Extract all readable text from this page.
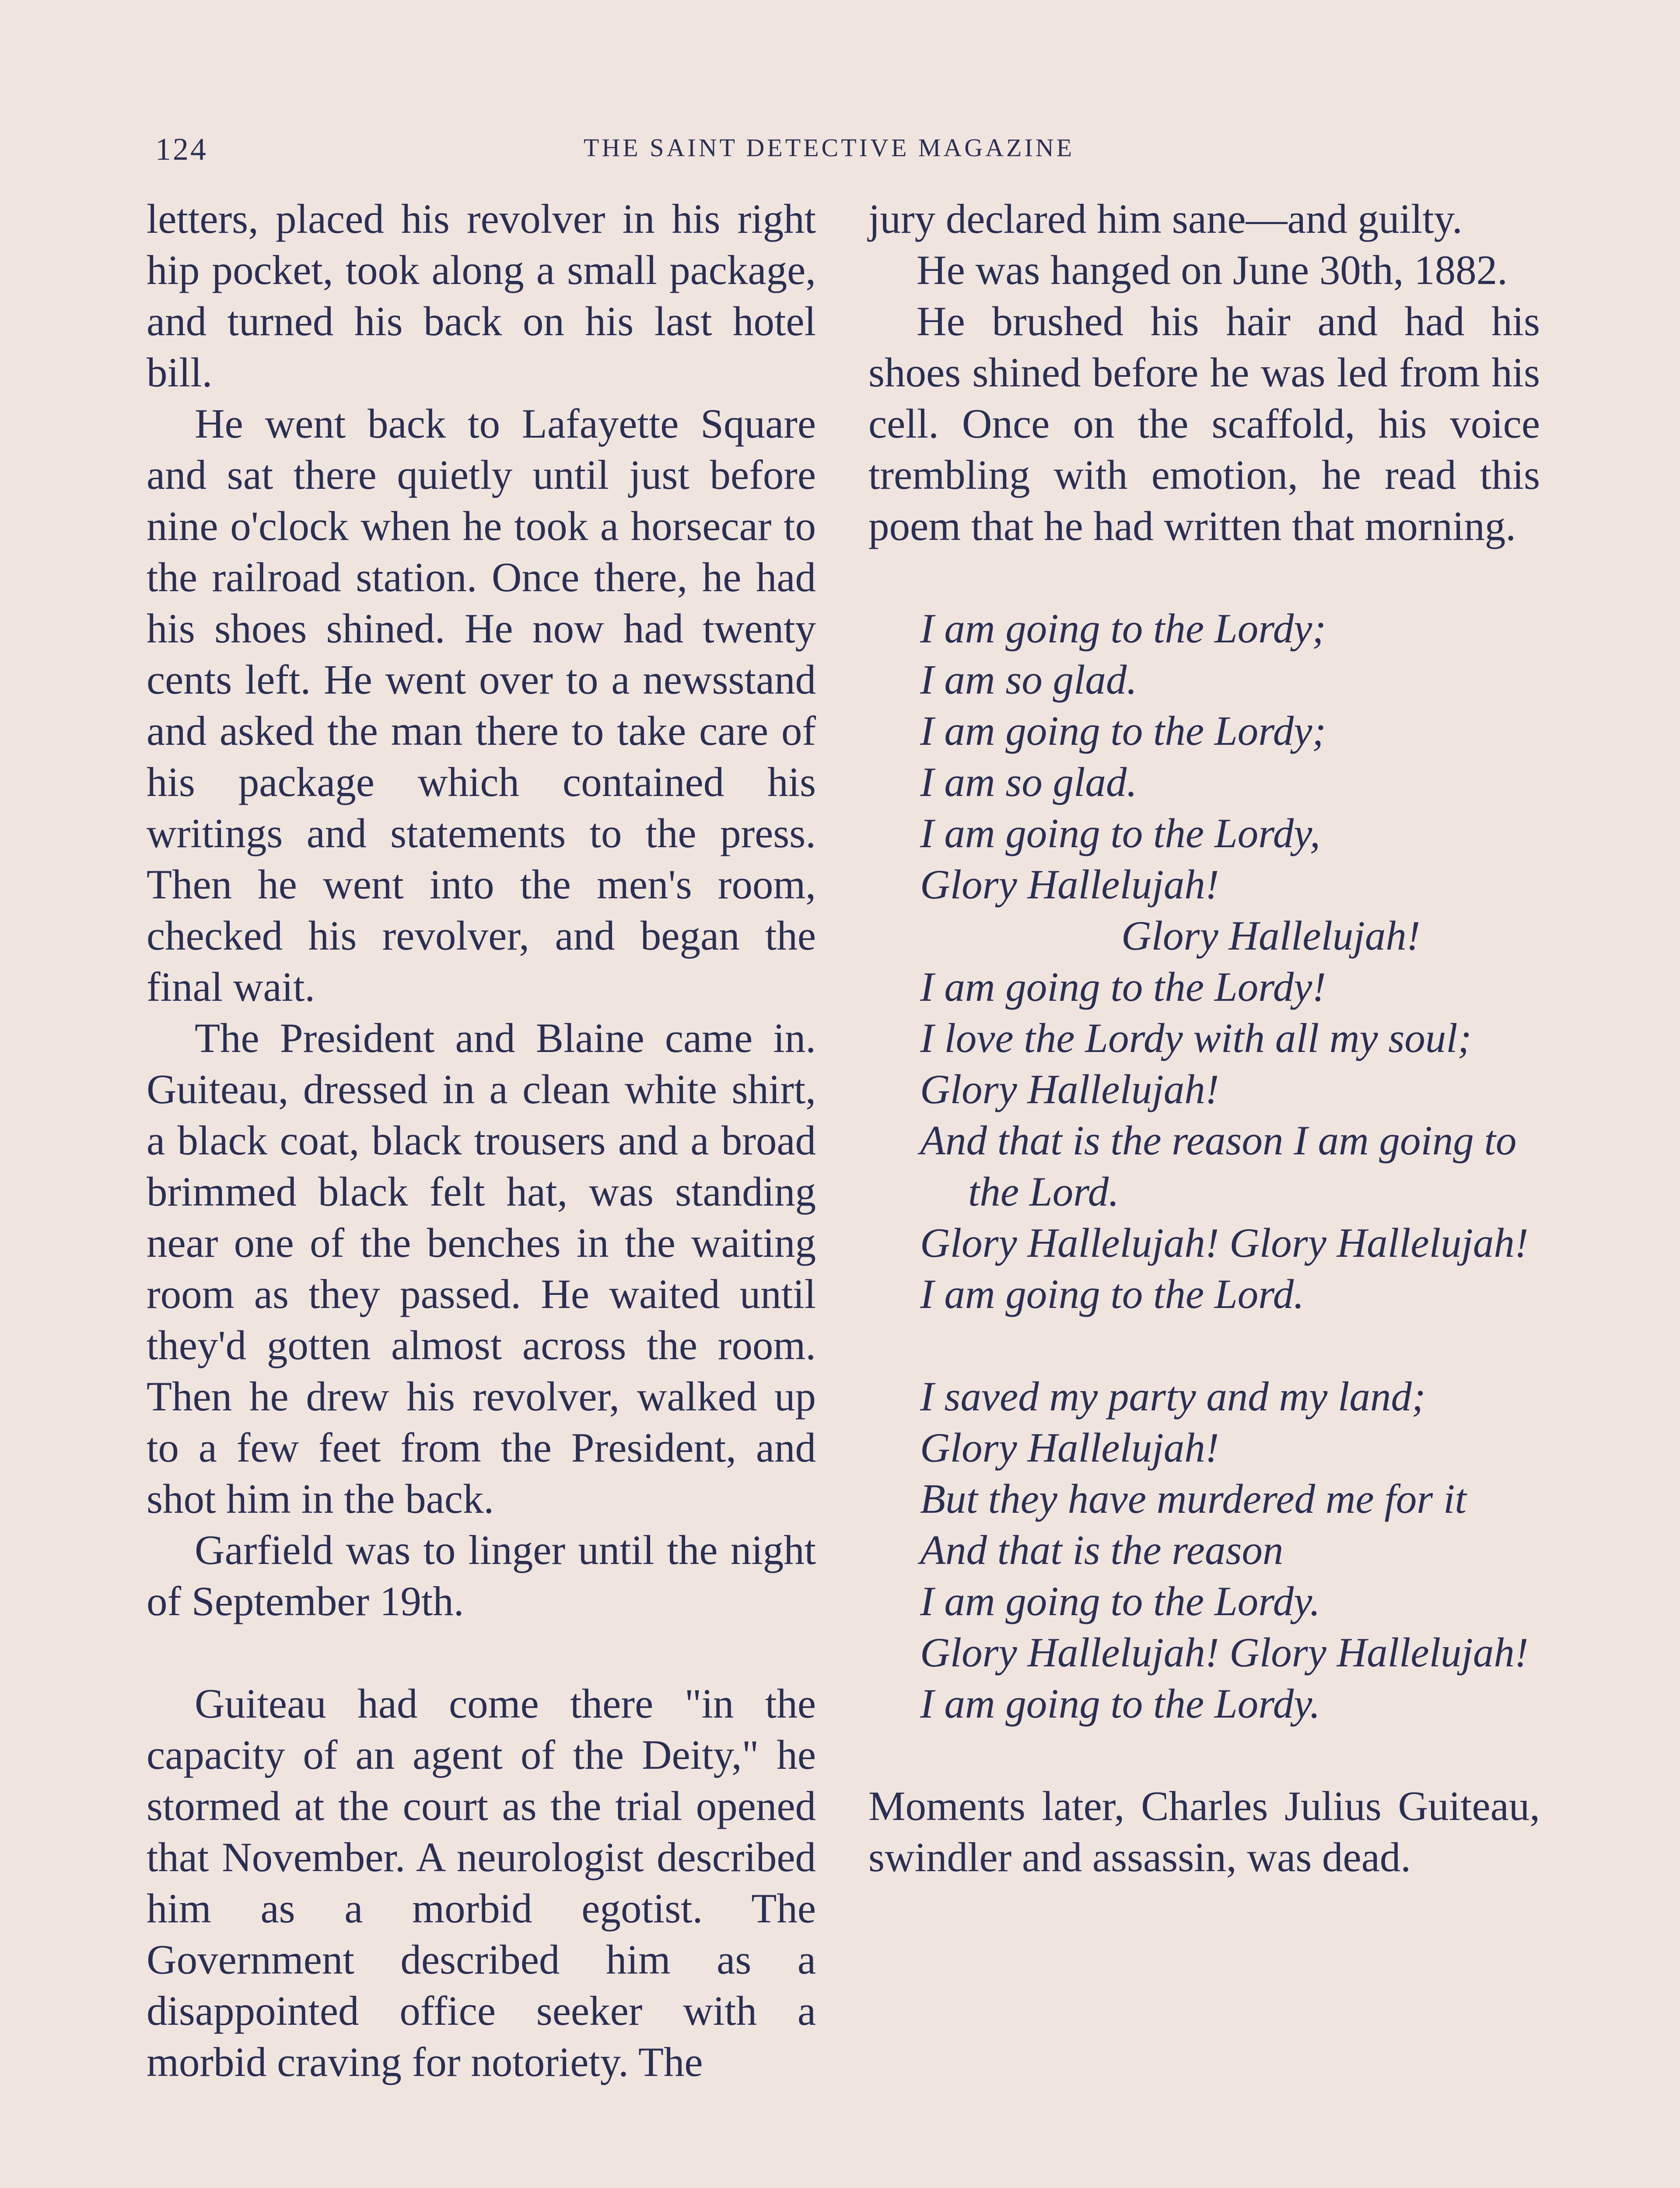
124	THE SAINT DETECTIVE MAGAZINE

letters, placed his revolver in his right hip pocket, took along a small package, and turned his back on his last hotel bill.

He went back to Lafayette Square and sat there quietly until just before nine o'clock when he took a horsecar to the railroad station. Once there, he had his shoes shined. He now had twenty cents left. He went over to a newsstand and asked the man there to take care of his package which contained his writings and statements to the press. Then he went into the men's room, checked his revolver, and began the final wait.

The President and Blaine came in. Guiteau, dressed in a clean white shirt, a black coat, black trousers and a broad brimmed black felt hat, was standing near one of the benches in the waiting room as they passed. He waited until they'd gotten almost across the room. Then he drew his revolver, walked up to a few feet from the President, and shot him in the back.

Garfield was to linger until the night of September 19th.

Guiteau had come there "in the capacity of an agent of the Deity," he stormed at the court as the trial opened that November. A neurologist described him as a morbid egotist. The Government described him as a disappointed office seeker with a morbid craving for notoriety. The

jury declared him sane—and guilty.

He was hanged on June 30th, 1882.

He brushed his hair and had his shoes shined before he was led from his cell. Once on the scaffold, his voice trembling with emotion, he read this poem that he had written that morning.

I am going to the Lordy;
I am so glad.
I am going to the Lordy;
I am so glad.
I am going to the Lordy,
Glory Hallelujah!
Glory Hallelujah!
I am going to the Lordy!
I love the Lordy with all my soul;
Glory Hallelujah!
And that is the reason I am going to the Lord.
Glory Hallelujah! Glory Hallelujah!
I am going to the Lord.
I saved my party and my land;
Glory Hallelujah!
But they have murdered me for it
And that is the reason
I am going to the Lordy.
Glory Hallelujah! Glory Hallelujah!
I am going to the Lordy.

Moments later, Charles Julius Guiteau, swindler and assassin, was dead.
